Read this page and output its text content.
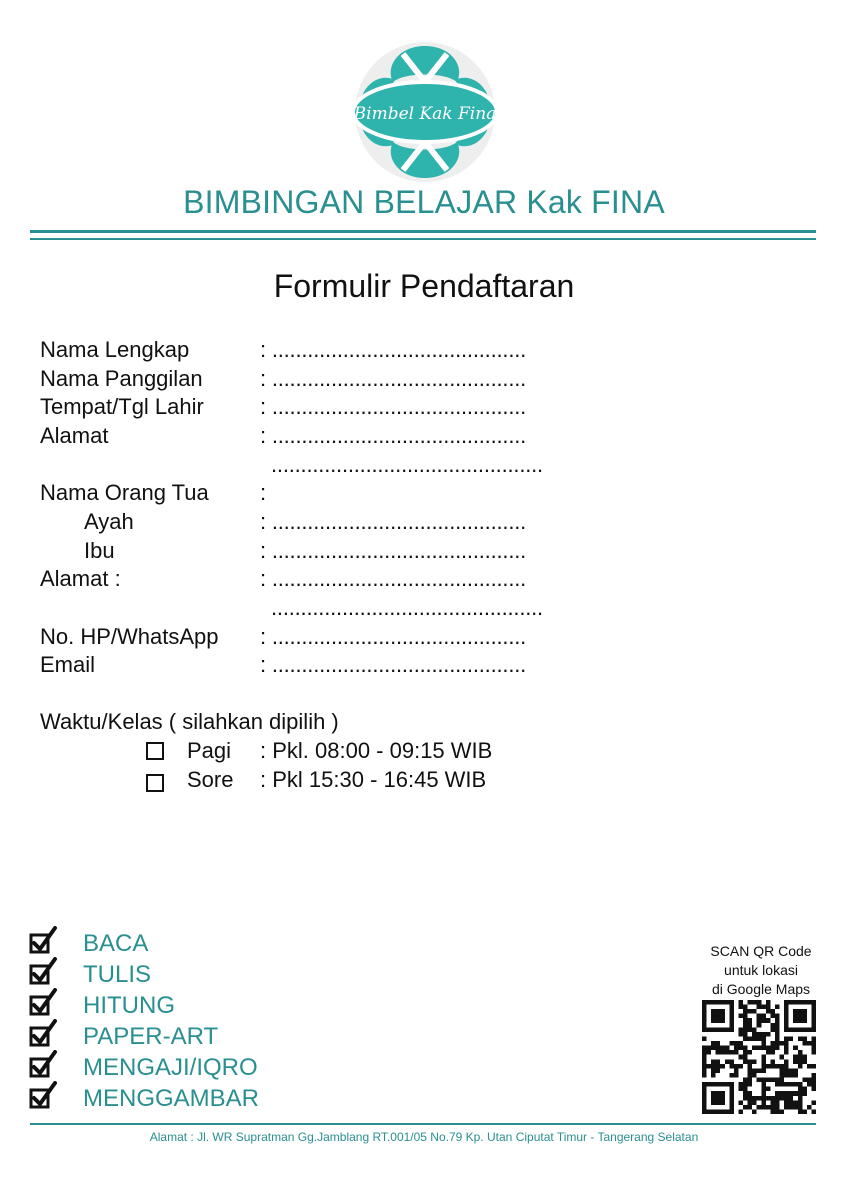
Bimbel Kak Fina
BIMBINGAN BELAJAR Kak FINA
Formulir Pendaftaran
Nama Lengkap	: ...........................................
Nama Panggilan	: ...........................................
Tempat/Tgl Lahir	: ...........................................
Alamat	: ...........................................
..............................................
Nama Orang Tua :
Ayah	: ...........................................
Ibu	: ...........................................
Alamat :	: ...........................................
..............................................
No. HP/WhatsApp : ...........................................
Email	: ...........................................
Waktu/Kelas ( silahkan dipilih )
Pagi : Pkl. 08:00 - 09:15 WIB
Sore : Pkl 15:30 - 16:45 WIB
BACA
TULIS
HITUNG
PAPER-ART
MENGAJI/IQRO
MENGGAMBAR
SCAN QR Code
untuk lokasi
di Google Maps
Alamat : Jl. WR Supratman Gg.Jamblang RT.001/05 No.79 Kp. Utan Ciputat Timur - Tangerang Selatan
